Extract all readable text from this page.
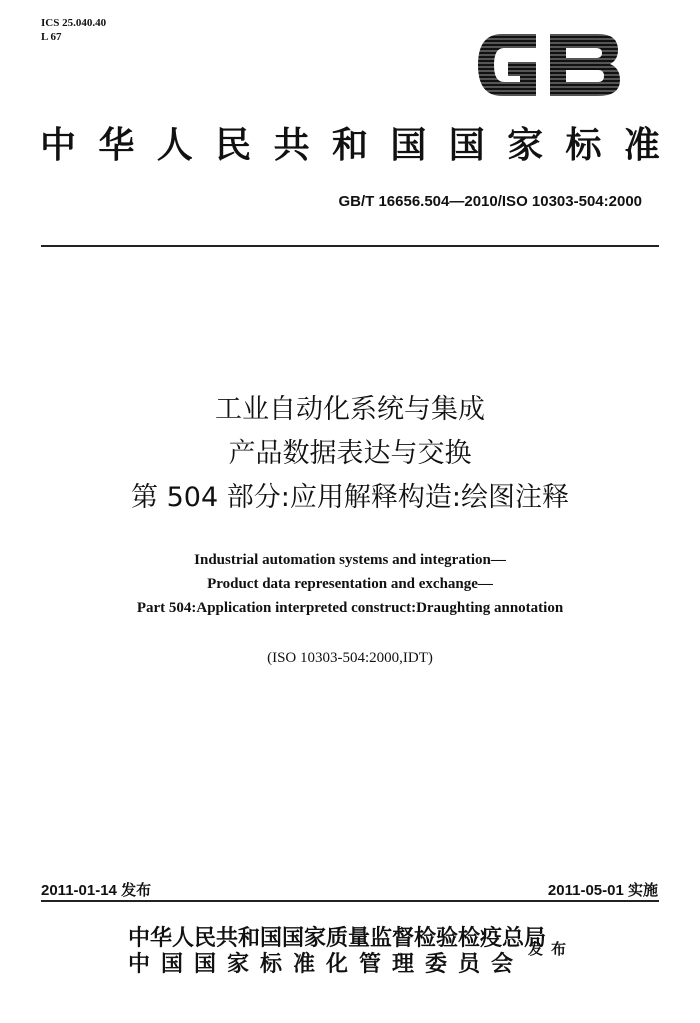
ICS 25.040.40
L 67
中 华 人 民 共 和 国 国 家 标 准
GB/T 16656.504—2010/ISO 10303-504:2000
工业自动化系统与集成
产品数据表达与交换
第 504 部分:应用解释构造:绘图注释
Industrial automation systems and integration—
Product data representation and exchange—
Part 504:Application interpreted construct:Draughting annotation
(ISO 10303-504:2000,IDT)
2011-01-14 发布	2011-05-01 实施
中华人民共和国国家质量监督检验检疫总局
中国国家标准化管理委员会
发布
